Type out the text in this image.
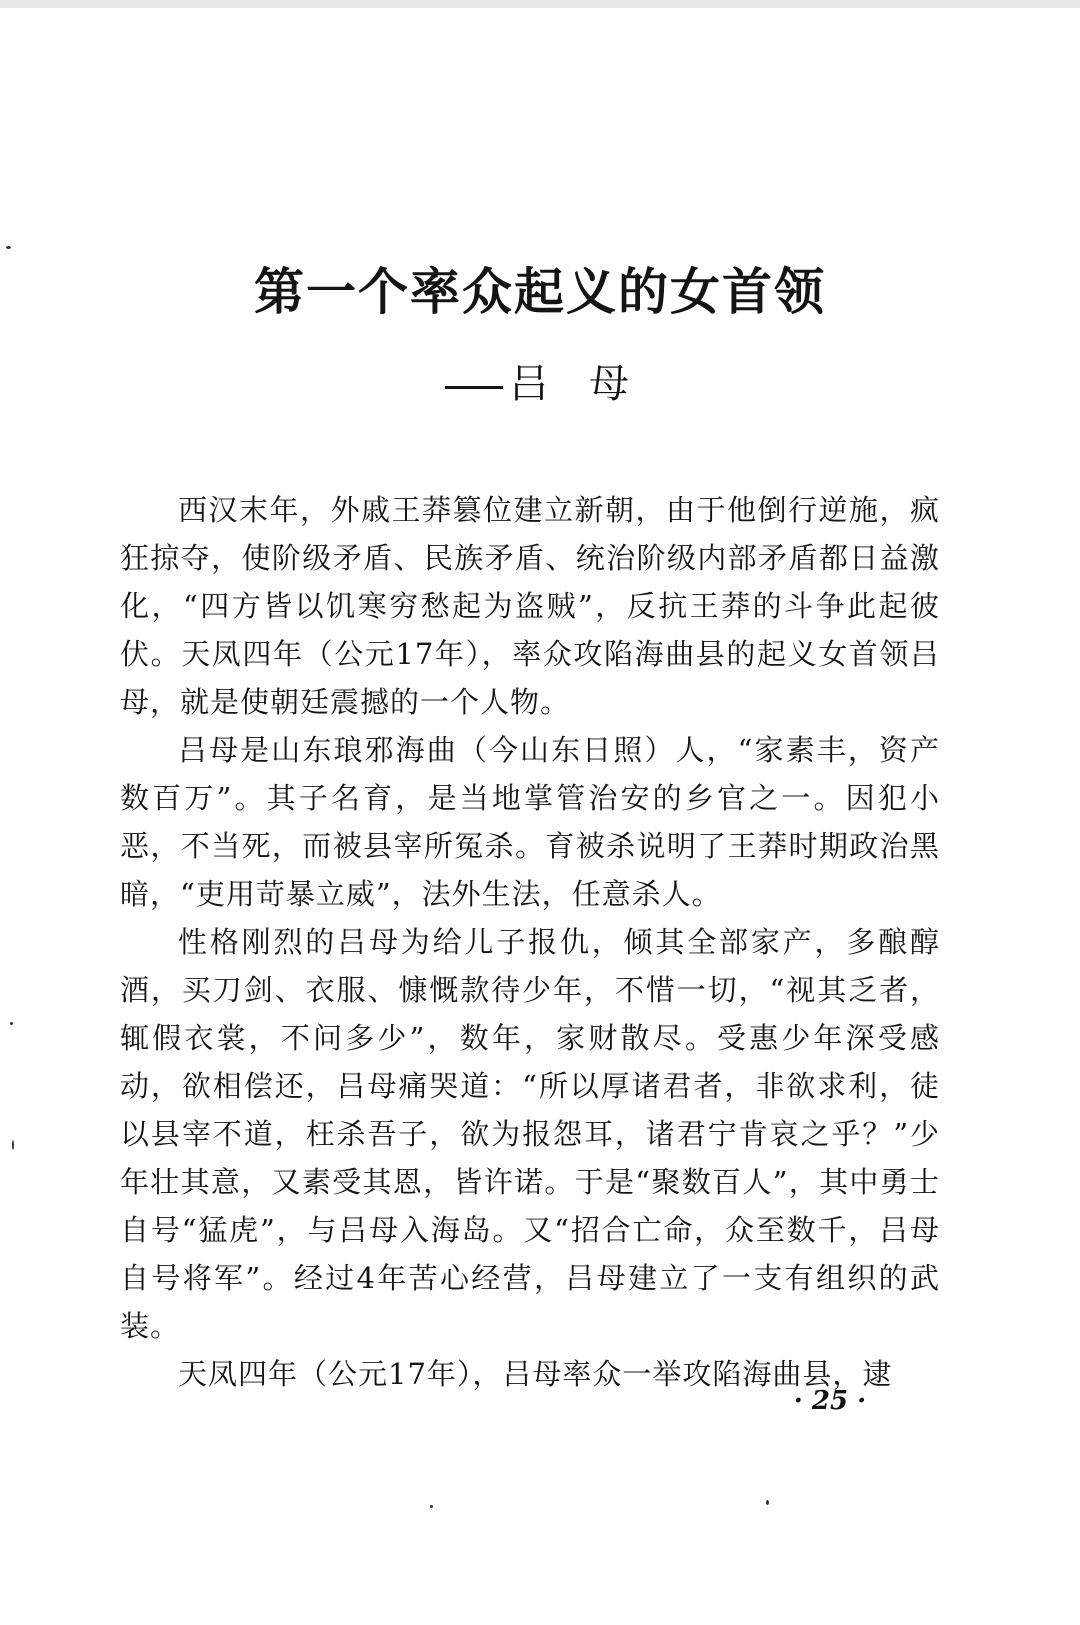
第一个率众起义的女首领
吕 母

西汉末年，外戚王莽篡位建立新朝，由于他倒行逆施，疯狂掠夺，使阶级矛盾、民族矛盾、统治阶级内部矛盾都日益激化，“四方皆以饥寒穷愁起为盗贼”，反抗王莽的斗争此起彼伏。天凤四年（公元17年），率众攻陷海曲县的起义女首领吕母，就是使朝廷震撼的一个人物。

吕母是山东琅邪海曲（今山东日照）人，“家素丰，资产数百万”。其子名育，是当地掌管治安的乡官之一。因犯小恶，不当死，而被县宰所冤杀。育被杀说明了王莽时期政治黑暗，“吏用苛暴立威”，法外生法，任意杀人。

性格刚烈的吕母为给儿子报仇，倾其全部家产，多酿醇酒，买刀剑、衣服、慷慨款待少年，不惜一切，“视其乏者，辄假衣裳，不问多少”，数年，家财散尽。受惠少年深受感动，欲相偿还，吕母痛哭道：“所以厚诸君者，非欲求利，徒以县宰不道，枉杀吾子，欲为报怨耳，诸君宁肯哀之乎？”少年壮其意，又素受其恩，皆许诺。于是“聚数百人”，其中勇士自号“猛虎”，与吕母入海岛。又“招合亡命，众至数千，吕母自号将军”。经过4年苦心经营，吕母建立了一支有组织的武装。

天凤四年（公元17年），吕母率众一举攻陷海曲县，逮

· 25 ·
